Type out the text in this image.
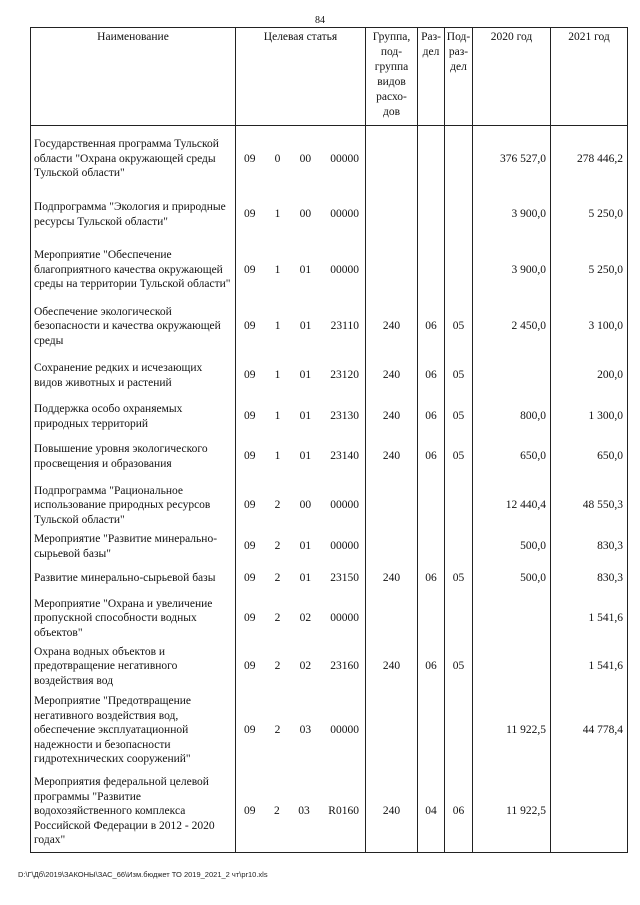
84
Наименование	Целевая статья	Группа, под- группа видов расхо- дов	Раз- дел	Под- раз- дел	2020 год	2021 год
Государственная программа Тульской области "Охрана окружающей среды Тульской области"	09 0 00 00000				376 527,0	278 446,2
Подпрограмма "Экология и природные ресурсы Тульской области"	09 1 00 00000				3 900,0	5 250,0
Мероприятие "Обеспечение благоприятного качества окружающей среды на территории Тульской области"	09 1 01 00000				3 900,0	5 250,0
Обеспечение экологической безопасности и качества окружающей среды	09 1 01 23110	240	06	05	2 450,0	3 100,0
Сохранение редких и исчезающих видов животных и растений	09 1 01 23120	240	06	05		200,0
Поддержка особо охраняемых природных территорий	09 1 01 23130	240	06	05	800,0	1 300,0
Повышение уровня экологического просвещения и образования	09 1 01 23140	240	06	05	650,0	650,0
Подпрограмма "Рациональное использование природных ресурсов Тульской области"	09 2 00 00000				12 440,4	48 550,3
Мероприятие "Развитие минерально-сырьевой базы"	09 2 01 00000				500,0	830,3
Развитие минерально-сырьевой базы	09 2 01 23150	240	06	05	500,0	830,3
Мероприятие "Охрана и увеличение пропускной способности водных объектов"	09 2 02 00000					1 541,6
Охрана водных объектов и предотвращение негативного воздействия вод	09 2 02 23160	240	06	05		1 541,6
Мероприятие "Предотвращение негативного воздействия вод, обеспечение эксплуатационной надежности и безопасности гидротехнических сооружений"	09 2 03 00000				11 922,5	44 778,4
Мероприятия федеральной целевой программы "Развитие водохозяйственного комплекса Российской Федерации в 2012 - 2020 годах"	09 2 03 R0160	240	04	06	11 922,5	
D:\Г\Дб\2019\ЗАКОНЫ\ЗАС_66\Изм.бюджет ТО 2019_2021_2 чт\рr10.xls
